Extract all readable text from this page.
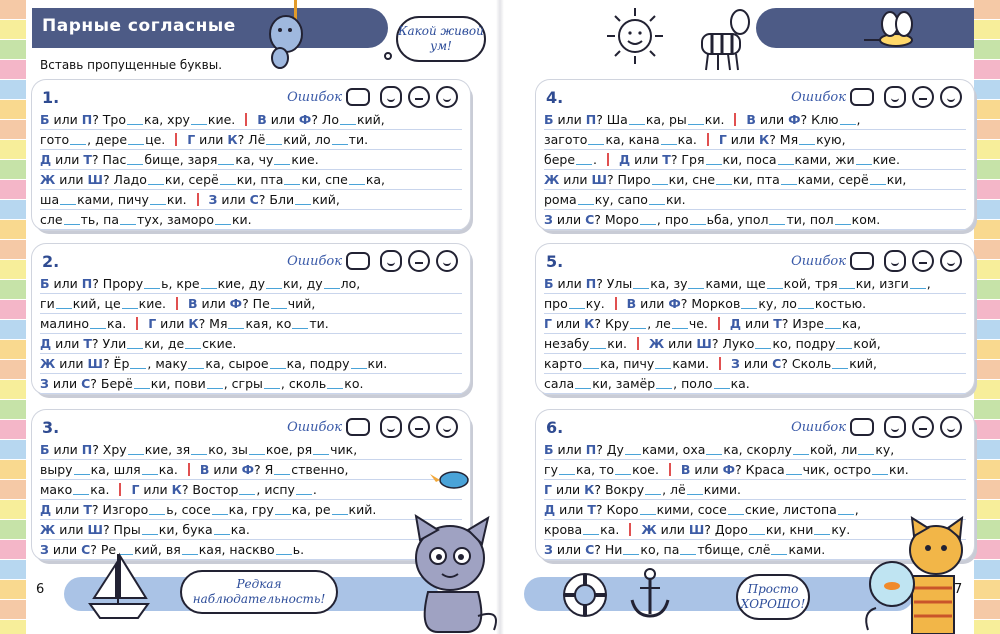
Парные согласные
Вставь пропущенные буквы.
Какой живой ум!
1.	Ошибок
Б или П? Тро ка, хру кие.  В или Ф? Ло кий,
гото , дере це.  Г или К? Лё кий, ло ти.
Д или Т? Пас бище, заря ка, чу кие.
Ж или Ш? Ладо ки, серё ки, пта ки, спе ка,
ша ками, пичу ки.  З или С? Бли кий,
сле ть, па тух, заморо ки.
2.	Ошибок
Б или П? Прору ь, кре кие, ду ки, ду ло,
ги кий, це кие.  В или Ф? Пе чий,
малино ка.  Г или К? Мя кая, ко ти.
Д или Т? Ули ки, де ские.
Ж или Ш? Ёр , маку ка, сырое ка, подру ки.
З или С? Берё ки, пови , сгры , сколь ко.
3.	Ошибок
Б или П? Хру кие, зя ко, зы кое, ря чик,
выру ка, шля ка.  В или Ф? Я ственно,
мако ка.  Г или К? Востор , испу .
Д или Т? Изгоро ь, сосе ка, гру ка, ре кий.
Ж или Ш? Пры ки, бука ка.
З или С? Ре кий, вя кая, наскво ь.
4.	Ошибок
Б или П? Ша ка, ры ки.  В или Ф? Клю ,
загото ка, кана ка.  Г или К? Мя кую,
бере .  Д или Т? Гря ки, поса ками, жи кие.
Ж или Ш? Пиро ки, сне ки, пта ками, серё ки,
рома ку, сапо ки.
З или С? Моро , про ьба, упол ти, пол ком.
5.	Ошибок
Б или П? Улы ка, зу ками, ще кой, тря ки, изги ,
про ку.  В или Ф? Морков ку, ло костью.
Г или К? Кру , ле че.  Д или Т? Изре ка,
незабу ки.  Ж или Ш? Луко ко, подру кой,
карто ка, пичу ками.  З или С? Сколь кий,
сала ки, замёр , поло ка.
6.	Ошибок
Б или П? Ду ками, оха ка, скорлу кой, ли ку,
гу ка, то кое.  В или Ф? Краса чик, остро ки.
Г или К? Вокру , лё кими.
Д или Т? Коро кими, сосе ские, листопа ,
крова ка.  Ж или Ш? Доро ки, кни ку.
З или С? Ни ко, па тбище, слё ками.
6	7
Редкая наблюдательность!
Просто ХОРОШО!
